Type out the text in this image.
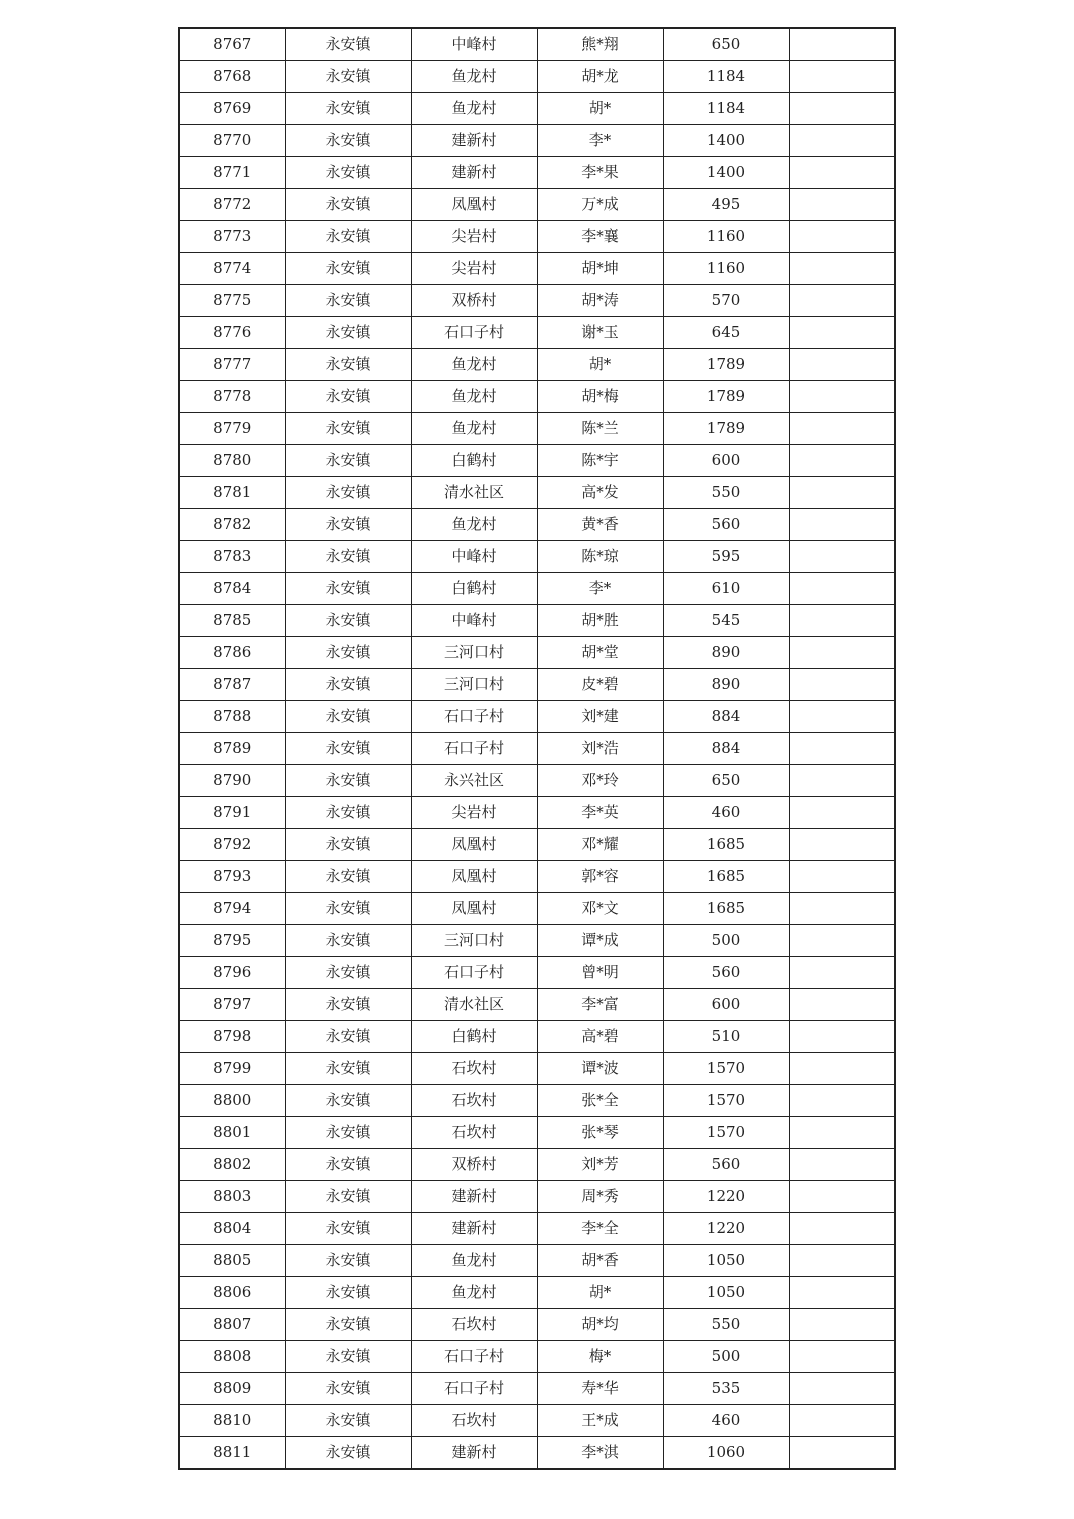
8767	永安镇	中峰村	熊*翔	650	
8768	永安镇	鱼龙村	胡*龙	1184	
8769	永安镇	鱼龙村	胡*	1184	
8770	永安镇	建新村	李*	1400	
8771	永安镇	建新村	李*果	1400	
8772	永安镇	凤凰村	万*成	495	
8773	永安镇	尖岩村	李*襄	1160	
8774	永安镇	尖岩村	胡*坤	1160	
8775	永安镇	双桥村	胡*涛	570	
8776	永安镇	石口子村	谢*玉	645	
8777	永安镇	鱼龙村	胡*	1789	
8778	永安镇	鱼龙村	胡*梅	1789	
8779	永安镇	鱼龙村	陈*兰	1789	
8780	永安镇	白鹤村	陈*宇	600	
8781	永安镇	清水社区	高*发	550	
8782	永安镇	鱼龙村	黄*香	560	
8783	永安镇	中峰村	陈*琼	595	
8784	永安镇	白鹤村	李*	610	
8785	永安镇	中峰村	胡*胜	545	
8786	永安镇	三河口村	胡*堂	890	
8787	永安镇	三河口村	皮*碧	890	
8788	永安镇	石口子村	刘*建	884	
8789	永安镇	石口子村	刘*浩	884	
8790	永安镇	永兴社区	邓*玲	650	
8791	永安镇	尖岩村	李*英	460	
8792	永安镇	凤凰村	邓*耀	1685	
8793	永安镇	凤凰村	郭*容	1685	
8794	永安镇	凤凰村	邓*文	1685	
8795	永安镇	三河口村	谭*成	500	
8796	永安镇	石口子村	曾*明	560	
8797	永安镇	清水社区	李*富	600	
8798	永安镇	白鹤村	高*碧	510	
8799	永安镇	石坎村	谭*波	1570	
8800	永安镇	石坎村	张*全	1570	
8801	永安镇	石坎村	张*琴	1570	
8802	永安镇	双桥村	刘*芳	560	
8803	永安镇	建新村	周*秀	1220	
8804	永安镇	建新村	李*全	1220	
8805	永安镇	鱼龙村	胡*香	1050	
8806	永安镇	鱼龙村	胡*	1050	
8807	永安镇	石坎村	胡*均	550	
8808	永安镇	石口子村	梅*	500	
8809	永安镇	石口子村	寿*华	535	
8810	永安镇	石坎村	王*成	460	
8811	永安镇	建新村	李*淇	1060	
